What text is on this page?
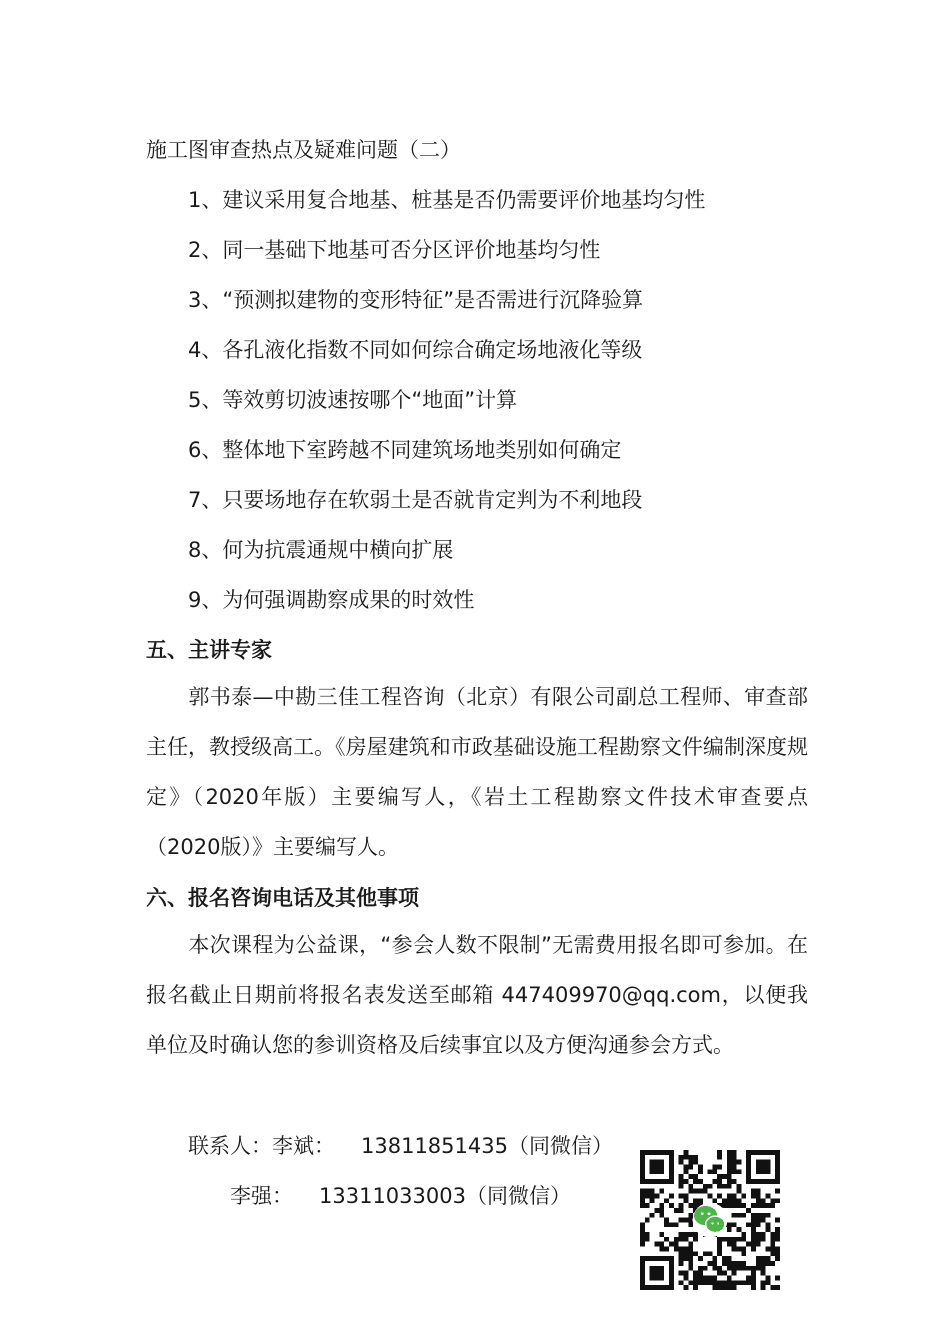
施工图审查热点及疑难问题（二）
1、建议采用复合地基、桩基是否仍需要评价地基均匀性
2、同一基础下地基可否分区评价地基均匀性
3、“预测拟建物的变形特征”是否需进行沉降验算
4、各孔液化指数不同如何综合确定场地液化等级
5、等效剪切波速按哪个“地面”计算
6、整体地下室跨越不同建筑场地类别如何确定
7、只要场地存在软弱土是否就肯定判为不利地段
8、何为抗震通规中横向扩展
9、为何强调勘察成果的时效性
五、主讲专家
郭书泰—中勘三佳工程咨询（北京）有限公司副总工程师、审查部主任，教授级高工。《房屋建筑和市政基础设施工程勘察文件编制深度规定》（2020年版）主要编写人，《岩土工程勘察文件技术审查要点（2020版）》主要编写人。
六、报名咨询电话及其他事项
本次课程为公益课，“参会人数不限制”无需费用报名即可参加。在报名截止日期前将报名表发送至邮箱 447409970@qq.com，以便我单位及时确认您的参训资格及后续事宜以及方便沟通参会方式。
联系人：李斌： 13811851435（同微信）
李强： 13311033003（同微信）
